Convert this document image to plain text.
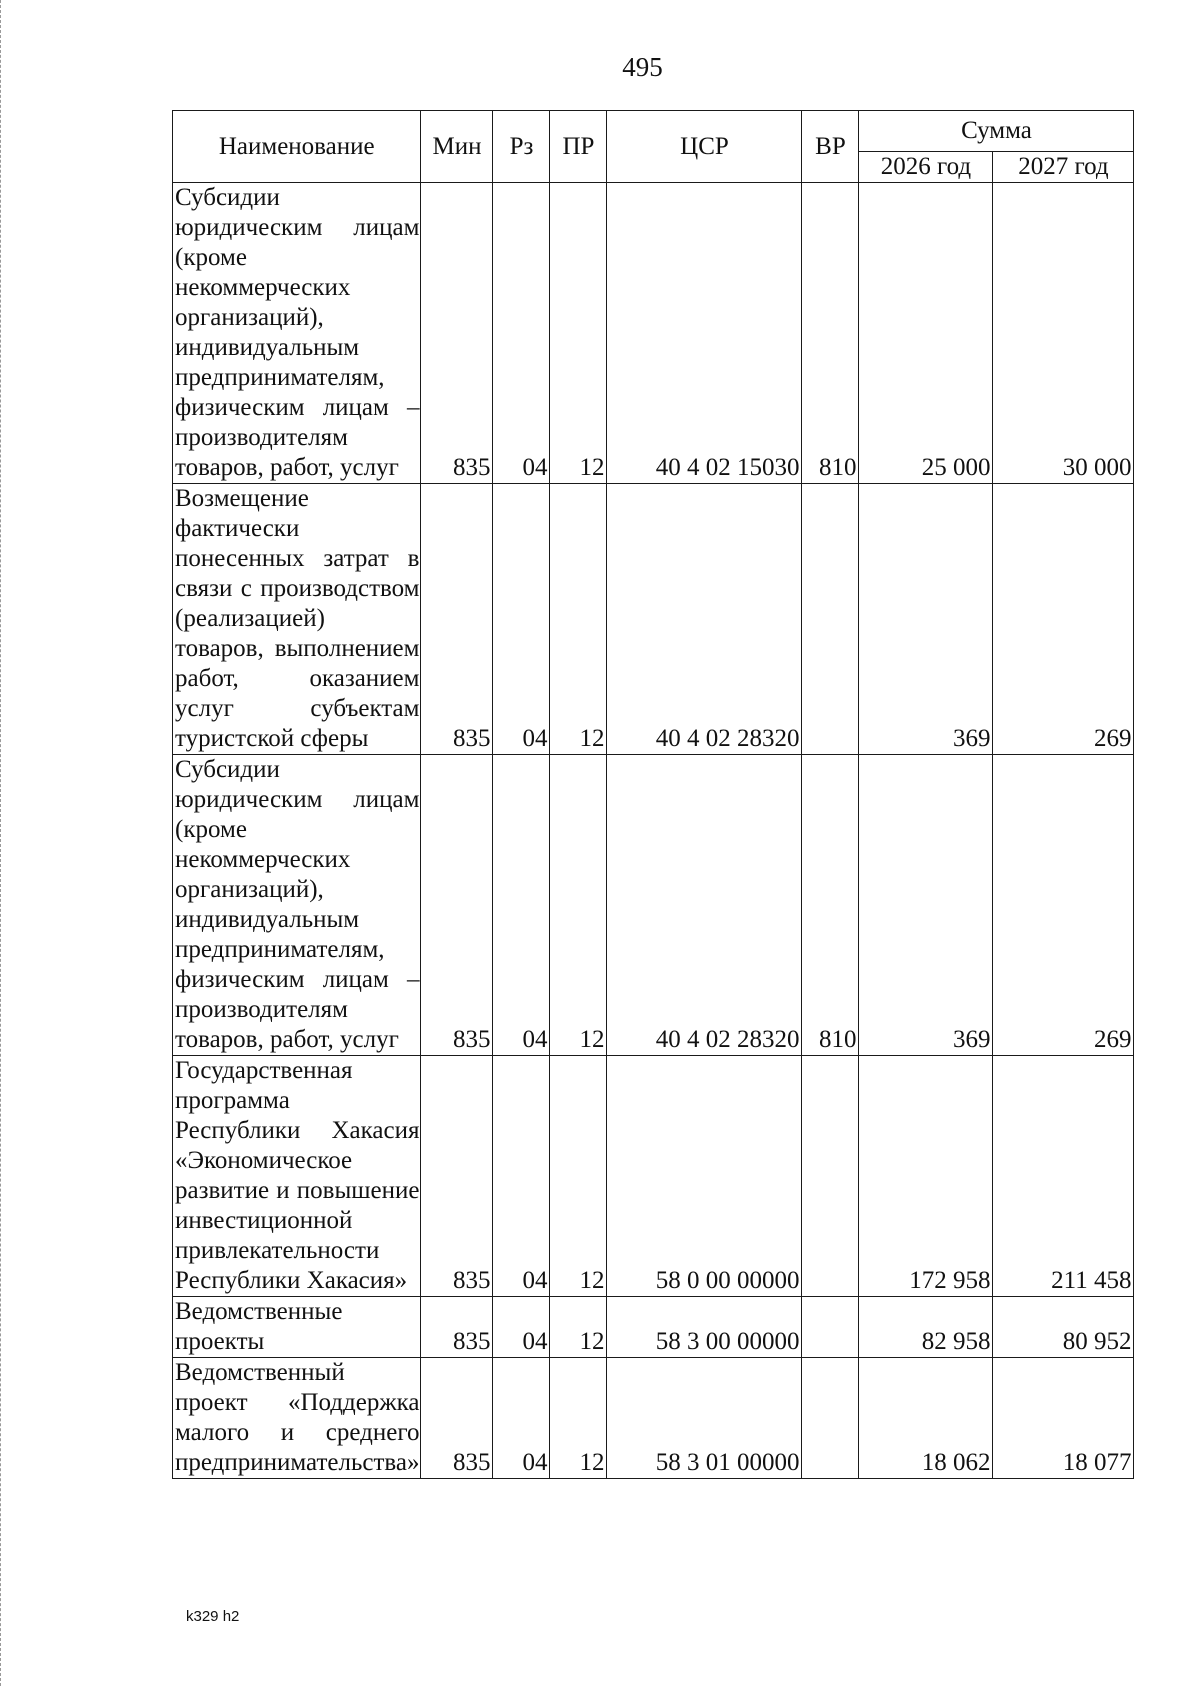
495
Наименование	Мин	Рз	ПР	ЦСР	ВР	Сумма	
						2026 год	2027 год
Субсидии юридическим лицам (кроме некоммерческих организаций), индивидуальным предпринимателям, физическим лицам – производителям товаров, работ, услуг	835	04	12	40 4 02 15030	810	25 000	30 000
Возмещение фактически понесенных затрат в связи с производством (реализацией) товаров, выполнением работ, оказанием услуг субъектам туристской сферы	835	04	12	40 4 02 28320		369	269
Субсидии юридическим лицам (кроме некоммерческих организаций), индивидуальным предпринимателям, физическим лицам – производителям товаров, работ, услуг	835	04	12	40 4 02 28320	810	369	269
Государственная программа Республики Хакасия «Экономическое развитие и повышение инвестиционной привлекательности Республики Хакасия»	835	04	12	58 0 00 00000		172 958	211 458
Ведомственные проекты	835	04	12	58 3 00 00000		82 958	80 952
Ведомственный проект «Поддержка малого и среднего предпринимательства»	835	04	12	58 3 01 00000		18 062	18 077
k329 h2
